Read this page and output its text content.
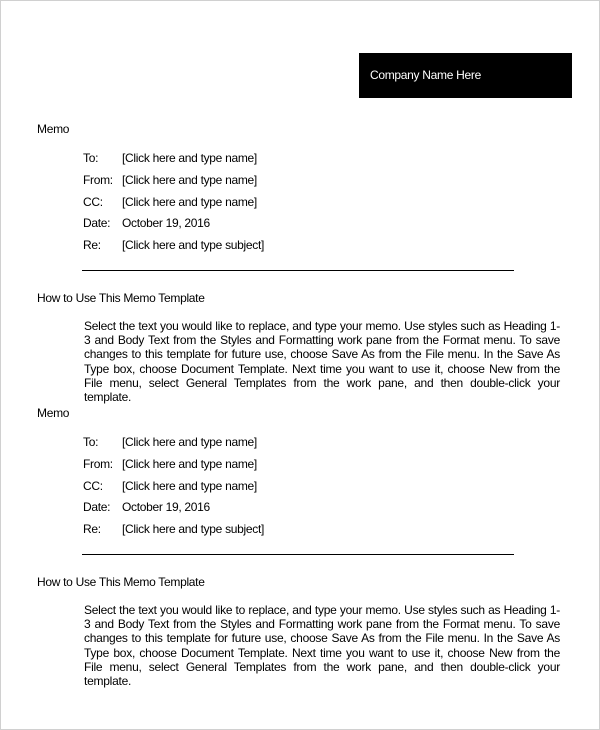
Company Name Here
Memo
To: [Click here and type name]
From: [Click here and type name]
CC: [Click here and type name]
Date: October 19, 2016
Re: [Click here and type subject]
How to Use This Memo Template
Select the text you would like to replace, and type your memo. Use styles such as Heading 1-3 and Body Text from the Styles and Formatting work pane from the Format menu. To save changes to this template for future use, choose Save As from the File menu. In the Save As Type box, choose Document Template. Next time you want to use it, choose New from the File menu, select General Templates from the work pane, and then double-click your template.
Memo
To: [Click here and type name]
From: [Click here and type name]
CC: [Click here and type name]
Date: October 19, 2016
Re: [Click here and type subject]
How to Use This Memo Template
Select the text you would like to replace, and type your memo. Use styles such as Heading 1-3 and Body Text from the Styles and Formatting work pane from the Format menu. To save changes to this template for future use, choose Save As from the File menu. In the Save As Type box, choose Document Template. Next time you want to use it, choose New from the File menu, select General Templates from the work pane, and then double-click your template.
